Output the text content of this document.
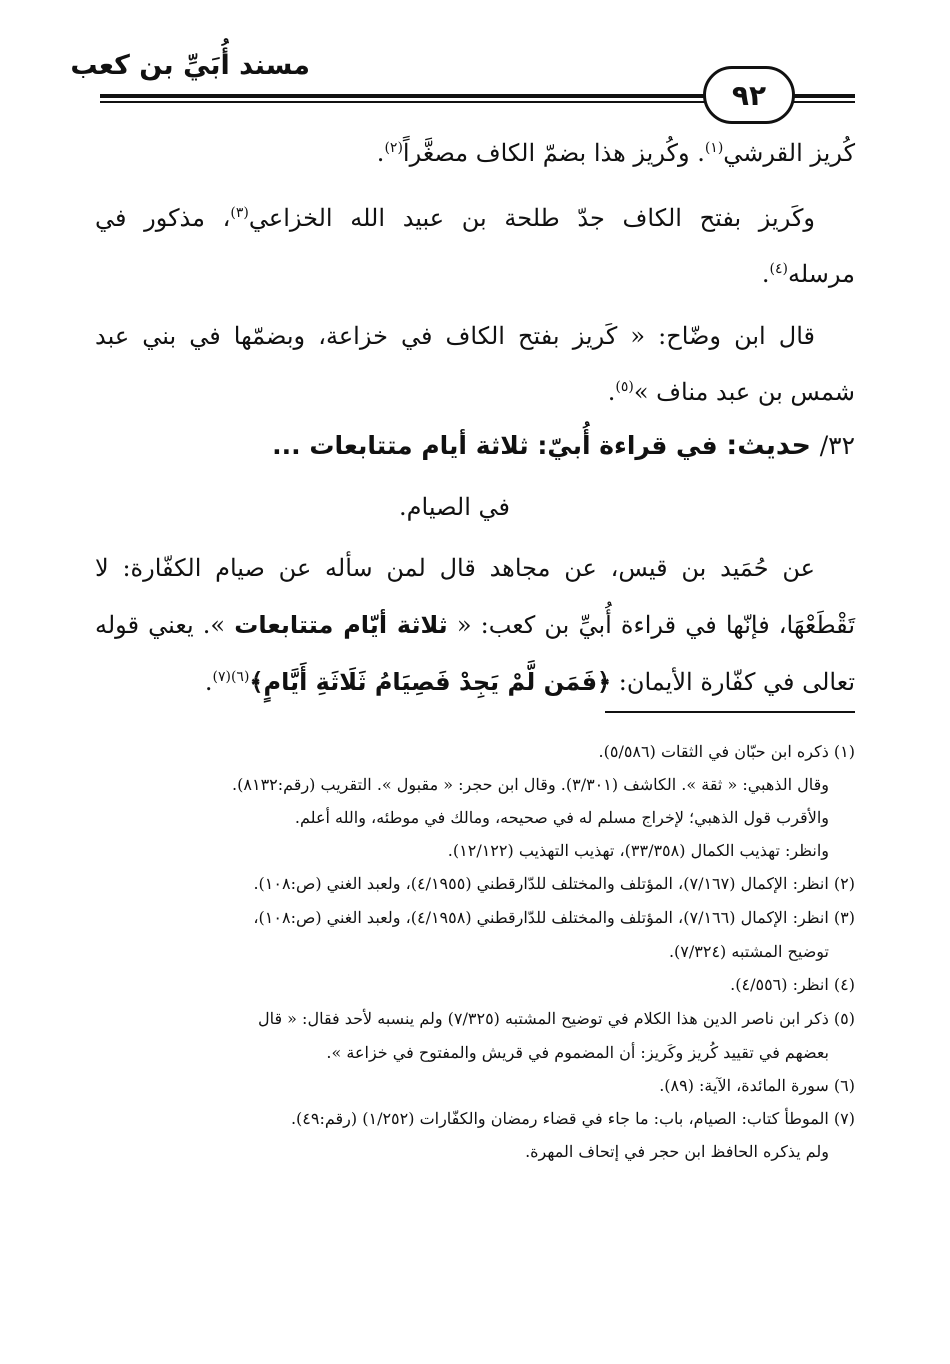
مسند أُبَيِّ بن كعب
٩٢
كُريز القرشي$^{(١)}$. وكُريز هذا بضمّ الكاف مصغَّراً$^{(٢)}$.
وكَريز بفتح الكاف جدّ طلحة بن عبيد الله الخزاعي$^{(٣)}$، مذكور في مرسله$^{(٤)}$.
قال ابن وضّاح: « كَريز بفتح الكاف في خزاعة، وبضمّها في بني عبد شمس بن عبد مناف »$^{(٥)}$.
٣٢/ حديث: في قراءة أُبيّ: ثلاثة أيام متتابعات ...
في الصيام.
عن حُمَيد بن قيس، عن مجاهد قال لمن سأله عن صيام الكفّارة: لا تَقْطَعْهَا، فإنّها في قراءة أُبيِّ بن كعب: « ثلاثة أيّام متتابعات ». يعني قوله تعالى في كفّارة الأيمان: ﴿فَمَن لَّمْ يَجِدْ فَصِيَامُ ثَلَاثَةِ أَيَّامٍ﴾$^{(٦)(٧)}$.

(١) ذكره ابن حبّان في الثقات (٥/٥٨٦).

وقال الذهبي: « ثقة ». الكاشف (٣/٣٠١). وقال ابن حجر: « مقبول ». التقريب (رقم:٨١٣٢).

والأقرب قول الذهبي؛ لإخراج مسلم له في صحيحه، ومالك في موطئه، والله أعلم.

وانظر: تهذيب الكمال (٣٣/٣٥٨)، تهذيب التهذيب (١٢/١٢٢).

(٢) انظر: الإكمال (٧/١٦٧)، المؤتلف والمختلف للدّارقطني (٤/١٩٥٥)، ولعبد الغني (ص:١٠٨).

(٣) انظر: الإكمال (٧/١٦٦)، المؤتلف والمختلف للدّارقطني (٤/١٩٥٨)، ولعبد الغني (ص:١٠٨)،

توضيح المشتبه (٧/٣٢٤).

(٤) انظر: (٤/٥٥٦).

(٥) ذكر ابن ناصر الدين هذا الكلام في توضيح المشتبه (٧/٣٢٥) ولم ينسبه لأحد فقال: « قال

بعضهم في تقييد كُريز وكَريز: أن المضموم في قريش والمفتوح في خزاعة ».

(٦) سورة المائدة، الآية: (٨٩).

(٧) الموطأ كتاب: الصيام، باب: ما جاء في قضاء رمضان والكفّارات (١/٢٥٢) (رقم:٤٩).

ولم يذكره الحافظ ابن حجر في إتحاف المهرة.
